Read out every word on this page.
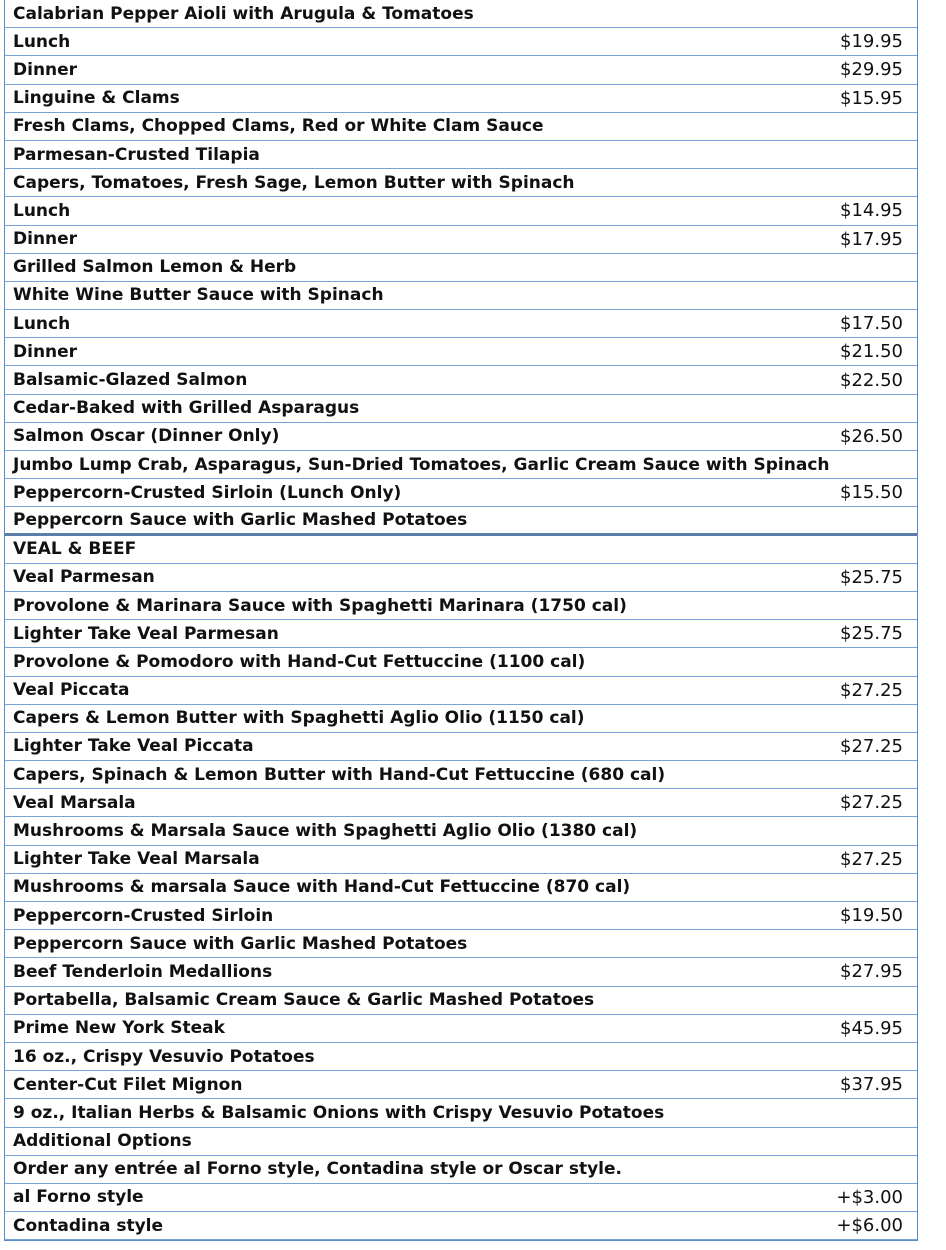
Calabrian Pepper Aioli with Arugula & Tomatoes
Lunch	$19.95
Dinner	$29.95
Linguine & Clams	$15.95
Fresh Clams, Chopped Clams, Red or White Clam Sauce
Parmesan-Crusted Tilapia
Capers, Tomatoes, Fresh Sage, Lemon Butter with Spinach
Lunch	$14.95
Dinner	$17.95
Grilled Salmon Lemon & Herb
White Wine Butter Sauce with Spinach
Lunch	$17.50
Dinner	$21.50
Balsamic-Glazed Salmon	$22.50
Cedar-Baked with Grilled Asparagus
Salmon Oscar (Dinner Only)	$26.50
Jumbo Lump Crab, Asparagus, Sun-Dried Tomatoes, Garlic Cream Sauce with Spinach
Peppercorn-Crusted Sirloin (Lunch Only)	$15.50
Peppercorn Sauce with Garlic Mashed Potatoes
VEAL & BEEF
Veal Parmesan	$25.75
Provolone & Marinara Sauce with Spaghetti Marinara (1750 cal)
Lighter Take Veal Parmesan	$25.75
Provolone & Pomodoro with Hand-Cut Fettuccine (1100 cal)
Veal Piccata	$27.25
Capers & Lemon Butter with Spaghetti Aglio Olio (1150 cal)
Lighter Take Veal Piccata	$27.25
Capers, Spinach & Lemon Butter with Hand-Cut Fettuccine (680 cal)
Veal Marsala	$27.25
Mushrooms & Marsala Sauce with Spaghetti Aglio Olio (1380 cal)
Lighter Take Veal Marsala	$27.25
Mushrooms & marsala Sauce with Hand-Cut Fettuccine (870 cal)
Peppercorn-Crusted Sirloin	$19.50
Peppercorn Sauce with Garlic Mashed Potatoes
Beef Tenderloin Medallions	$27.95
Portabella, Balsamic Cream Sauce & Garlic Mashed Potatoes
Prime New York Steak	$45.95
16 oz., Crispy Vesuvio Potatoes
Center-Cut Filet Mignon	$37.95
9 oz., Italian Herbs & Balsamic Onions with Crispy Vesuvio Potatoes
Additional Options
Order any entrée al Forno style, Contadina style or Oscar style.
al Forno style	+$3.00
Contadina style	+$6.00
